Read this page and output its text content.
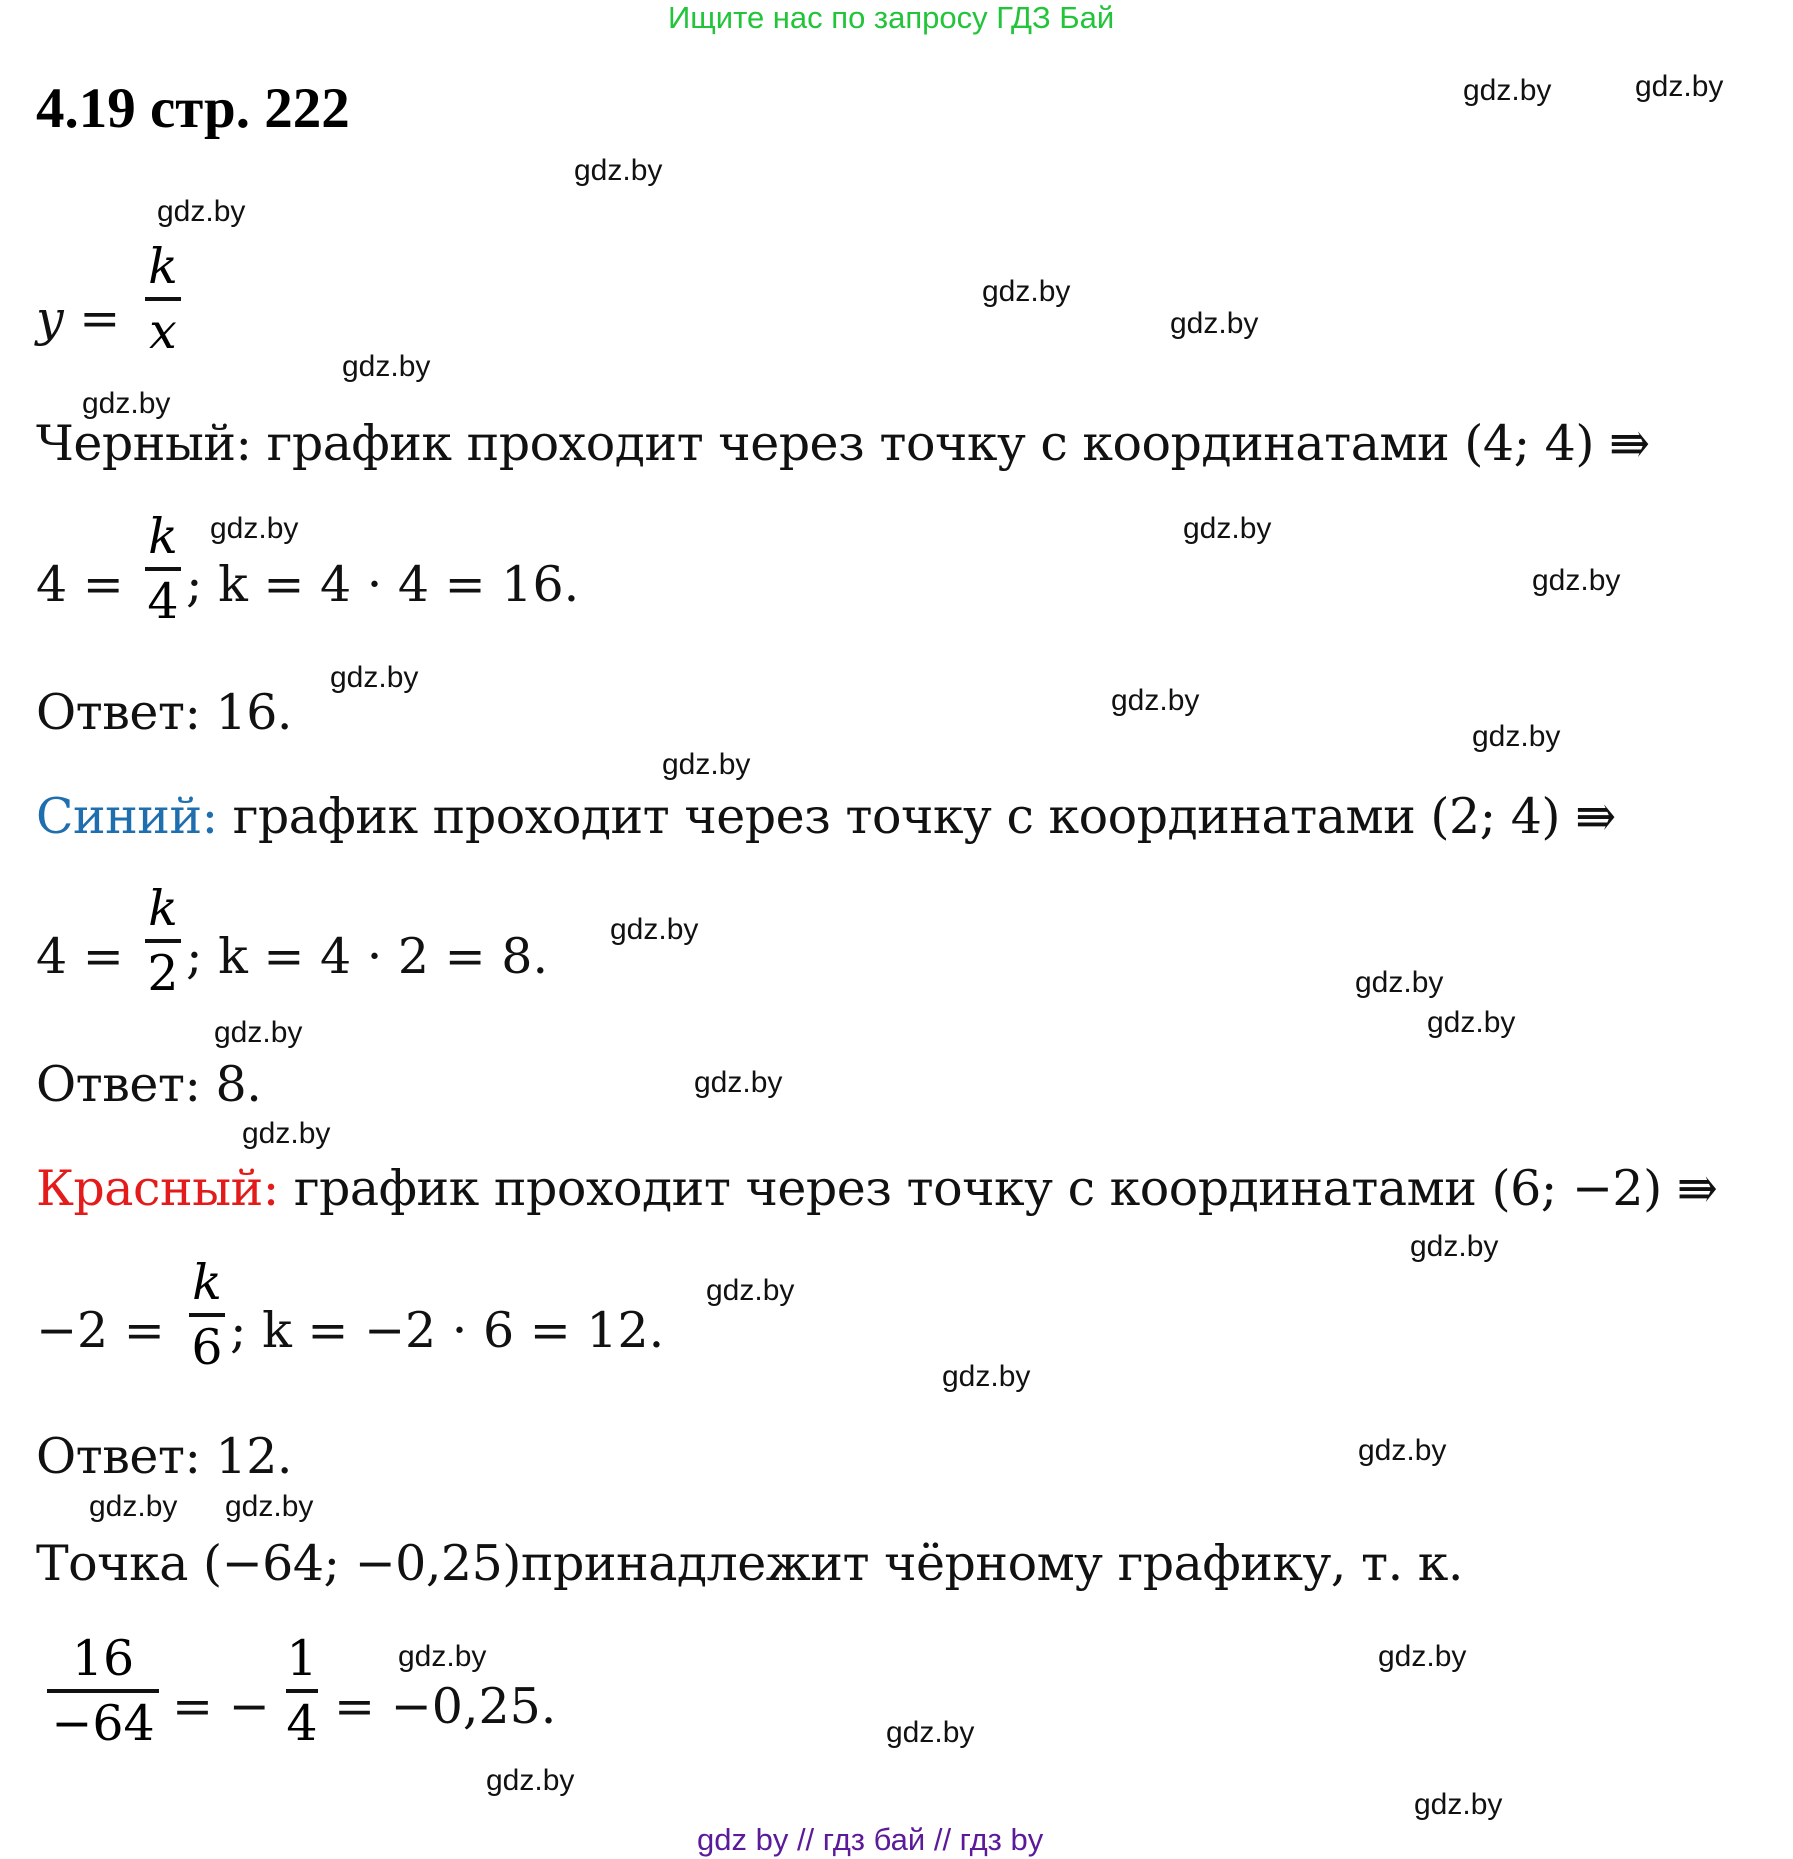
Ищите нас по запросу ГДЗ Бай
4.19 стр. 222	gdz.by	gdz.by
gdz.by
gdz.by
gdz.by
gdz.by
gdz.by
gdz.by
gdz.by	gdz.by
gdz.by
gdz.by
gdz.by
gdz.by
gdz.by
gdz.by
gdz.by
gdz.by
gdz.by
gdz.by
gdz.by
gdz.by
gdz.by
gdz.by
gdz.by
gdz.by gdz.by
gdz.by	gdz.by
gdz.by
gdz.by
gdz.by
y =
k
x
Черный: график проходит через точку с координатами (4; 4) ⇛
4 =
k
4 ; k = 4 · 4 = 16.
Ответ: 16.
Синий: график проходит через точку с координатами (2; 4) ⇛
4 =
k
2 ; k = 4 · 2 = 8.
Ответ: 8.
Красный: график проходит через точку с координатами (6; −2) ⇛
−2 =
k
6 ; k = −2 · 6 = 12.
Ответ: 12.
Точка (−64; −0,25)принадлежит чёрному графику, т. к.
16
−64 = −
1
4 = −0,25.
gdz by // гдз бай // гдз by
